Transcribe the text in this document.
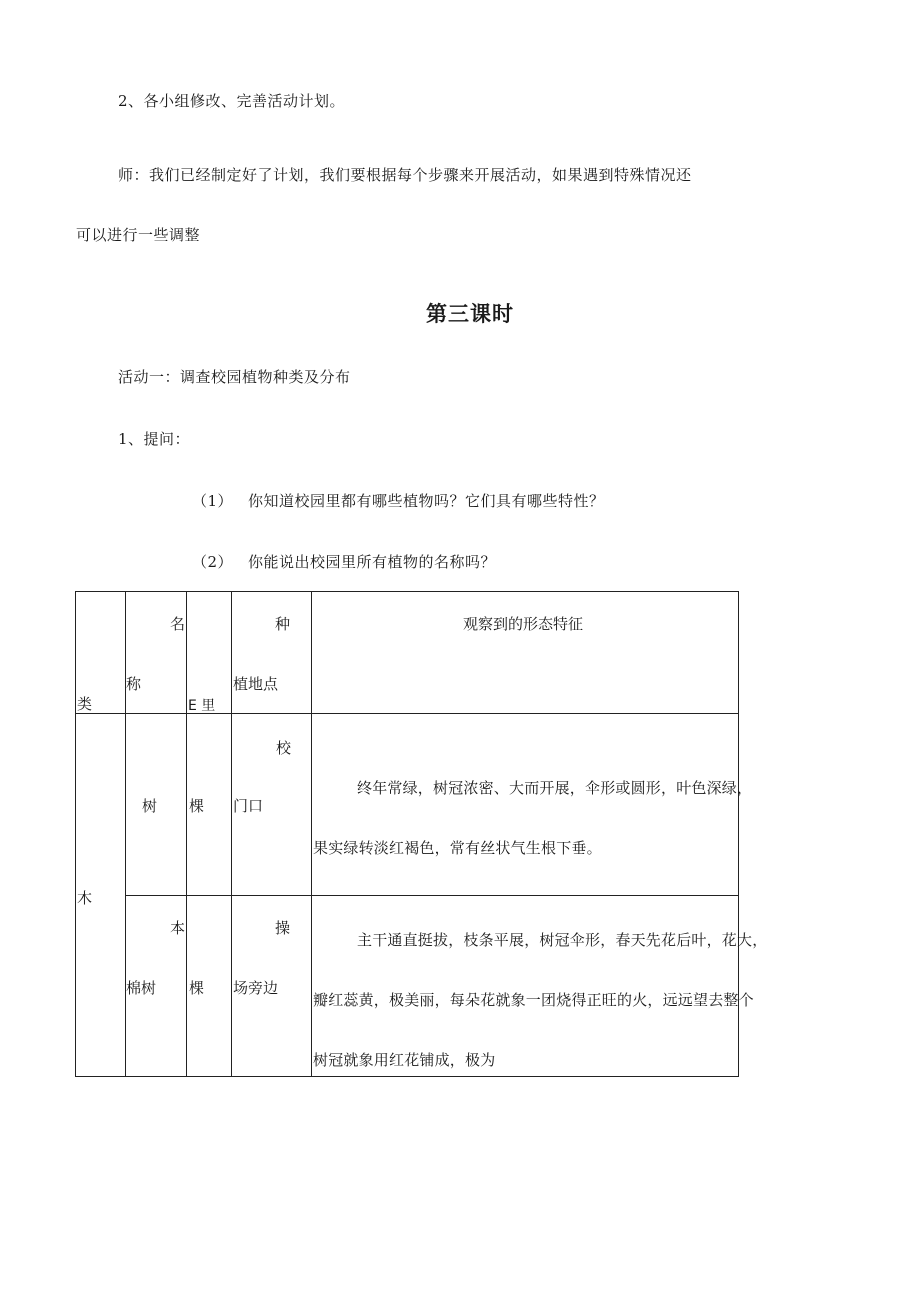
2、各小组修改、完善活动计划。
师：我们已经制定好了计划，我们要根据每个步骤来开展活动，如果遇到特殊情况还
可以进行一些调整
第三课时
活动一：调查校园植物种类及分布
1、提问：
（1） 你知道校园里都有哪些植物吗？它们具有哪些特性？
（2） 你能说出校园里所有植物的名称吗？
类
名
称
E 里
种
植地点
观察到的形态特征
木
树 棵
校
门口
终年常绿，树冠浓密、大而开展，伞形或圆形，叶色深绿，
果实绿转淡红褐色，常有丝状气生根下垂。
本
棉树 棵
操
场旁边
主干通直挺拔，枝条平展，树冠伞形，春天先花后叶，花大，
瓣红蕊黄，极美丽，每朵花就象一团烧得正旺的火，远远望去整个
树冠就象用红花铺成，极为
